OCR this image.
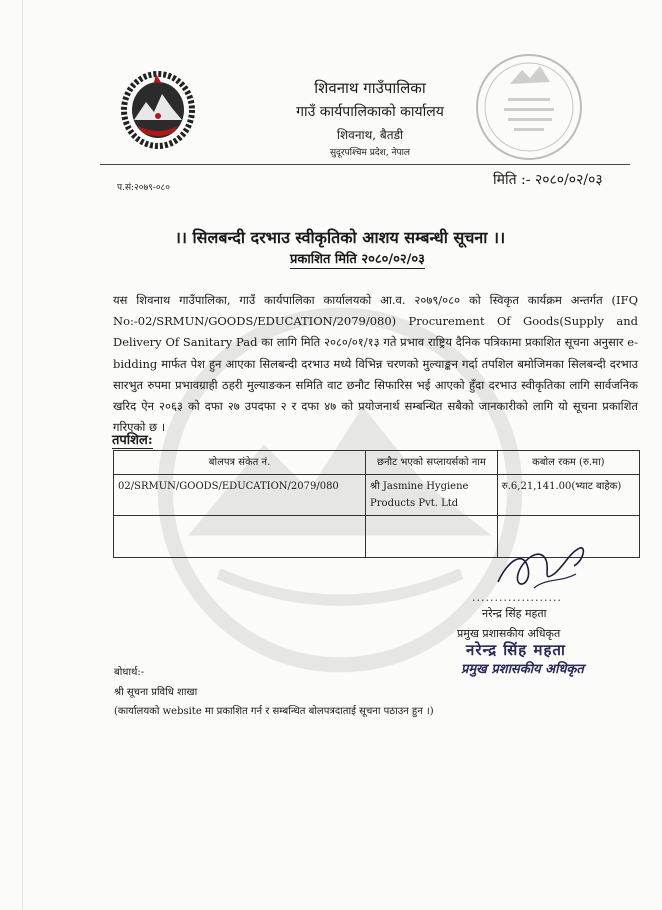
शिवनाथ गाउँपालिका
गाउँ कार्यपालिकाको कार्यालय
शिवनाथ, बैतडी
सुदूरपश्चिम प्रदेश, नेपाल
प.सं:२०७९-०८०	मिति :- २०८०/०२/०३
।। सिलबन्दी दरभाउ स्वीकृतिको आशय सम्बन्धी सूचना ।।
प्रकाशित मिति २०८०/०२/०३
यस शिवनाथ गाउँपालिका, गाउँ कार्यपालिका कार्यालयको आ.व. २०७९/०८० को स्विकृत कार्यक्रम अन्तर्गत (IFQ No:-02/SRMUN/GOODS/EDUCATION/2079/080) Procurement Of Goods(Supply and Delivery Of Sanitary Pad का लागि मिति २०८०/०१/१३ गते प्रभाव राष्ट्रिय दैनिक पत्रिकामा प्रकाशित सूचना अनुसार e-bidding मार्फत पेश हुन आएका सिलबन्दी दरभाउ मध्ये विभिन्न चरणको मुल्याङ्कन गर्दा तपशिल बमोजिमका सिलबन्दी दरभाउ सारभुत रुपमा प्रभावग्राही ठहरी मुल्याङकन समिति वाट छनौट सिफारिस भई आएको हुँदा दरभाउ स्वीकृतिका लागि सार्वजनिक खरिद ऐन २०६३ को दफा २७ उपदफा २ र दफा ४७ को प्रयोजनार्थ सम्बन्धित सबैको जानकारीको लागि यो सूचना प्रकाशित गरिएको छ ।
तपशिल:
बोलपत्र संकेत नं.	छनौट भएको सप्लायर्सको नाम	कबोल रकम (रु.मा)
02/SRMUN/GOODS/EDUCATION/2079/080	श्री Jasmine Hygiene Products Pvt. Ltd	रु.6,21,141.00(भ्याट बाहेक)

....................
नरेन्द्र सिंह महता
प्रमुख प्रशासकीय अधिकृत
नरेन्द्र सिंह महता
प्रमुख प्रशासकीय अधिकृत
बोधार्थ:-
श्री सूचना प्रविधि शाखा
(कार्यालयको website मा प्रकाशित गर्न र सम्बन्धित बोलपत्रदाताई सूचना पठाउन हुन ।)
